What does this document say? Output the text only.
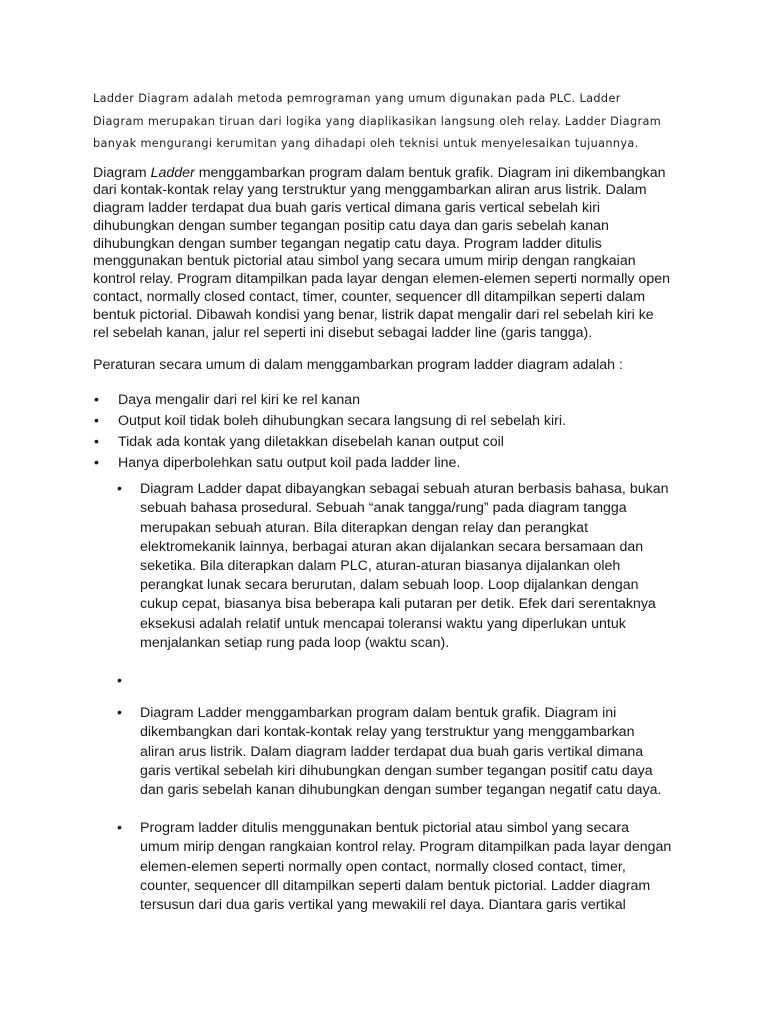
Ladder Diagram adalah metoda pemrograman yang umum digunakan pada PLC. Ladder Diagram merupakan tiruan dari logika yang diaplikasikan langsung oleh relay. Ladder Diagram banyak mengurangi kerumitan yang dihadapi oleh teknisi untuk menyelesaikan tujuannya.

Diagram Ladder menggambarkan program dalam bentuk grafik. Diagram ini dikembangkan dari kontak-kontak relay yang terstruktur yang menggambarkan aliran arus listrik. Dalam diagram ladder terdapat dua buah garis vertical dimana garis vertical sebelah kiri dihubungkan dengan sumber tegangan positip catu daya dan garis sebelah kanan dihubungkan dengan sumber tegangan negatip catu daya. Program ladder ditulis menggunakan bentuk pictorial atau simbol yang secara umum mirip dengan rangkaian kontrol relay. Program ditampilkan pada layar dengan elemen-elemen seperti normally open contact, normally closed contact, timer, counter, sequencer dll ditampilkan seperti dalam bentuk pictorial. Dibawah kondisi yang benar, listrik dapat mengalir dari rel sebelah kiri ke rel sebelah kanan, jalur rel seperti ini disebut sebagai ladder line (garis tangga).

Peraturan secara umum di dalam menggambarkan program ladder diagram adalah :

• Daya mengalir dari rel kiri ke rel kanan
• Output koil tidak boleh dihubungkan secara langsung di rel sebelah kiri.
• Tidak ada kontak yang diletakkan disebelah kanan output coil
• Hanya diperbolehkan satu output koil pada ladder line.
• Diagram Ladder dapat dibayangkan sebagai sebuah aturan berbasis bahasa, bukan sebuah bahasa prosedural. Sebuah “anak tangga/rung” pada diagram tangga merupakan sebuah aturan. Bila diterapkan dengan relay dan perangkat elektromekanik lainnya, berbagai aturan akan dijalankan secara bersamaan dan seketika. Bila diterapkan dalam PLC, aturan-aturan biasanya dijalankan oleh perangkat lunak secara berurutan, dalam sebuah loop. Loop dijalankan dengan cukup cepat, biasanya bisa beberapa kali putaran per detik. Efek dari serentaknya eksekusi adalah relatif untuk mencapai toleransi waktu yang diperlukan untuk menjalankan setiap rung pada loop (waktu scan).
•
• Diagram Ladder menggambarkan program dalam bentuk grafik. Diagram ini dikembangkan dari kontak-kontak relay yang terstruktur yang menggambarkan aliran arus listrik. Dalam diagram ladder terdapat dua buah garis vertikal dimana garis vertikal sebelah kiri dihubungkan dengan sumber tegangan positif catu daya dan garis sebelah kanan dihubungkan dengan sumber tegangan negatif catu daya.
• Program ladder ditulis menggunakan bentuk pictorial atau simbol yang secara umum mirip dengan rangkaian kontrol relay. Program ditampilkan pada layar dengan elemen-elemen seperti normally open contact, normally closed contact, timer, counter, sequencer dll ditampilkan seperti dalam bentuk pictorial. Ladder diagram tersusun dari dua garis vertikal yang mewakili rel daya. Diantara garis vertikal
